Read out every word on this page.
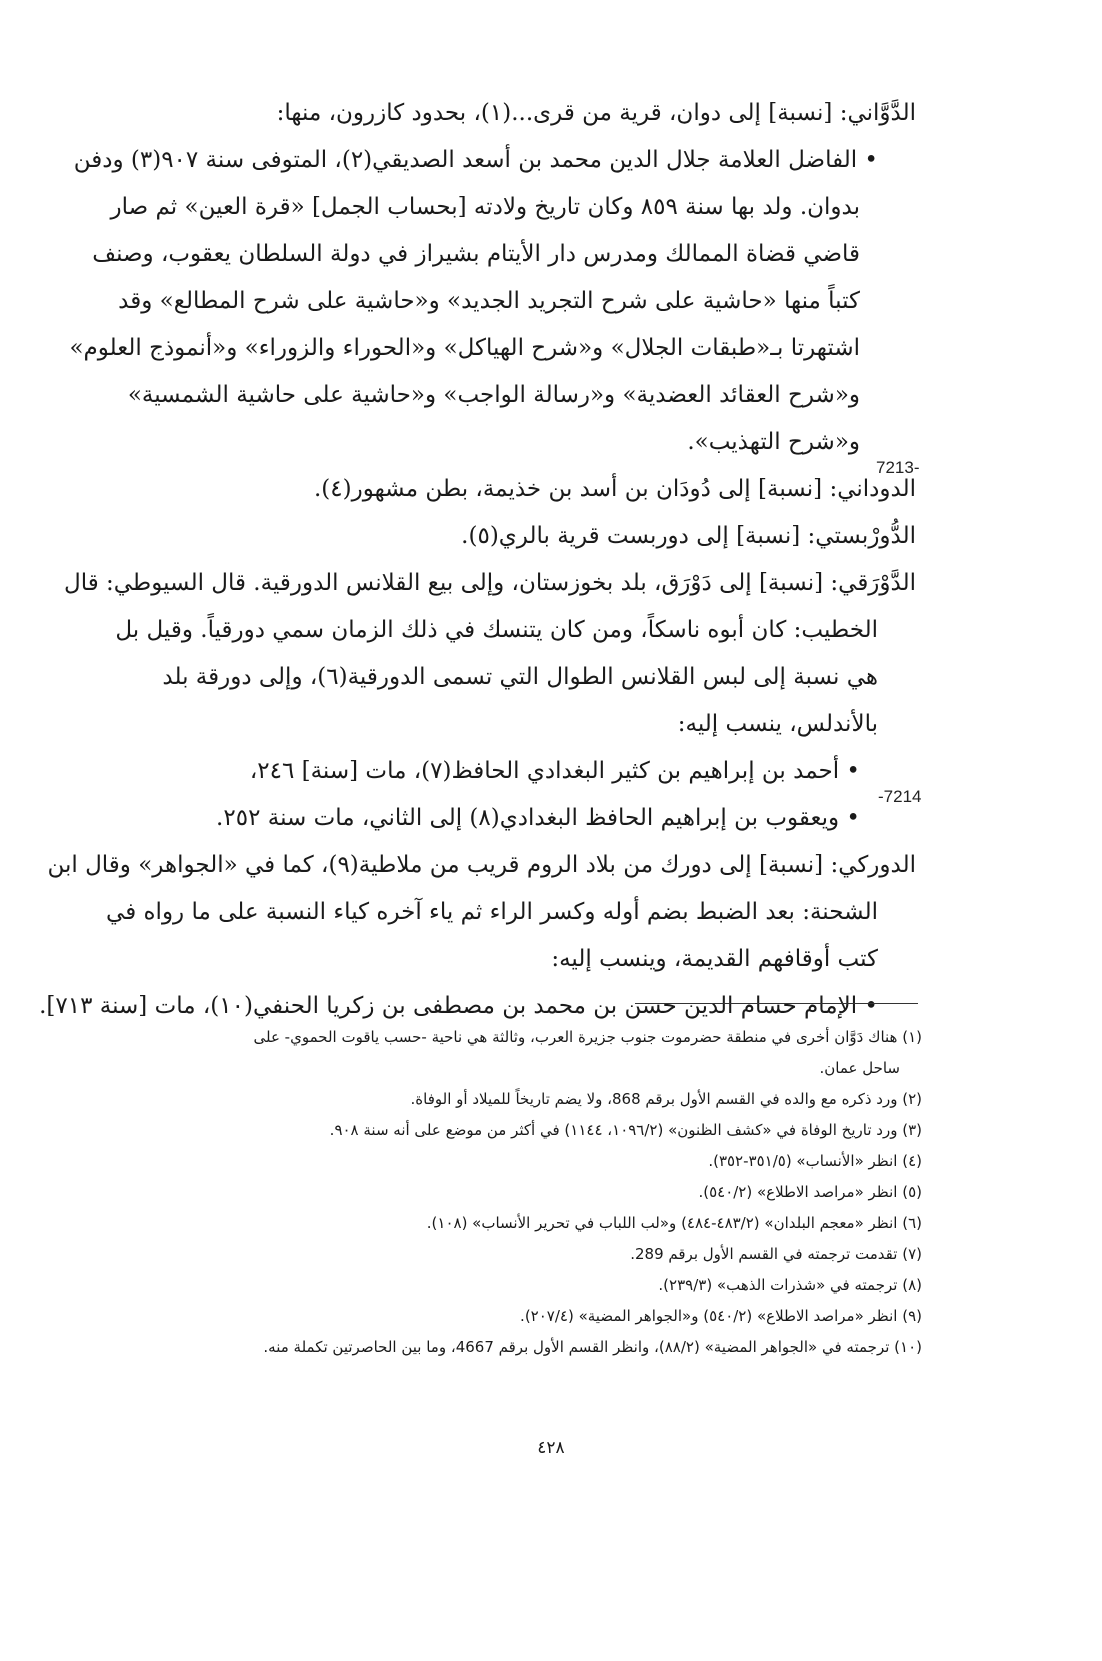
الدَّوَّاني: [نسبة] إلى دوان، قرية من قرى...(١)، بحدود كازرون، منها:
• الفاضل العلامة جلال الدين محمد بن أسعد الصديقي(٢)، المتوفى سنة ٩٠٧(٣) ودفن
بدوان. ولد بها سنة ٨٥٩ وكان تاريخ ولادته [بحساب الجمل] «قرة العين» ثم صار
قاضي قضاة الممالك ومدرس دار الأيتام بشيراز في دولة السلطان يعقوب، وصنف
كتباً منها «حاشية على شرح التجريد الجديد» و«حاشية على شرح المطالع» وقد
اشتهرتا بـ«طبقات الجلال» و«شرح الهياكل» و«الحوراء والزوراء» و«أنموذج العلوم»
و«شرح العقائد العضدية» و«رسالة الواجب» و«حاشية على حاشية الشمسية»
و«شرح التهذيب».
الدوداني: [نسبة] إلى دُودَان بن أسد بن خذيمة، بطن مشهور(٤).
الدُّورْبستي: [نسبة] إلى دوربست قرية بالري(٥).
الدَّوْرَقي: [نسبة] إلى دَوْرَق، بلد بخوزستان، وإلى بيع القلانس الدورقية. قال السيوطي: قال
الخطيب: كان أبوه ناسكاً، ومن كان يتنسك في ذلك الزمان سمي دورقياً. وقيل بل
هي نسبة إلى لبس القلانس الطوال التي تسمى الدورقية(٦)، وإلى دورقة بلد
بالأندلس، ينسب إليه:
• أحمد بن إبراهيم بن كثير البغدادي الحافظ(٧)، مات [سنة] ٢٤٦،
• ويعقوب بن إبراهيم الحافظ البغدادي(٨) إلى الثاني، مات سنة ٢٥٢.
الدوركي: [نسبة] إلى دورك من بلاد الروم قريب من ملاطية(٩)، كما في «الجواهر» وقال ابن
الشحنة: بعد الضبط بضم أوله وكسر الراء ثم ياء آخره كياء النسبة على ما رواه في
كتب أوقافهم القديمة، وينسب إليه:
• الإمام حسام الدين حسن بن محمد بن مصطفى بن زكريا الحنفي(١٠)، مات [سنة ٧١٣].
7213-
-7214
(١) هناك دَوَّان أخرى في منطقة حضرموت جنوب جزيرة العرب، وثالثة هي ناحية -حسب ياقوت الحموي- على
ساحل عمان.
(٢) ورد ذكره مع والده في القسم الأول برقم 868، ولا يضم تاريخاً للميلاد أو الوفاة.
(٣) ورد تاريخ الوفاة في «كشف الظنون» (١٠٩٦/٢، ١١٤٤) في أكثر من موضع على أنه سنة ٩٠٨.
(٤) انظر «الأنساب» (٣٥١/٥-٣٥٢).
(٥) انظر «مراصد الاطلاع» (٥٤٠/٢).
(٦) انظر «معجم البلدان» (٤٨٣/٢-٤٨٤) و«لب اللباب في تحرير الأنساب» (١٠٨).
(٧) تقدمت ترجمته في القسم الأول برقم 289.
(٨) ترجمته في «شذرات الذهب» (٢٣٩/٣).
(٩) انظر «مراصد الاطلاع» (٥٤٠/٢) و«الجواهر المضية» (٢٠٧/٤).
(١٠) ترجمته في «الجواهر المضية» (٨٨/٢)، وانظر القسم الأول برقم 4667، وما بين الحاصرتين تكملة منه.
٤٢٨
